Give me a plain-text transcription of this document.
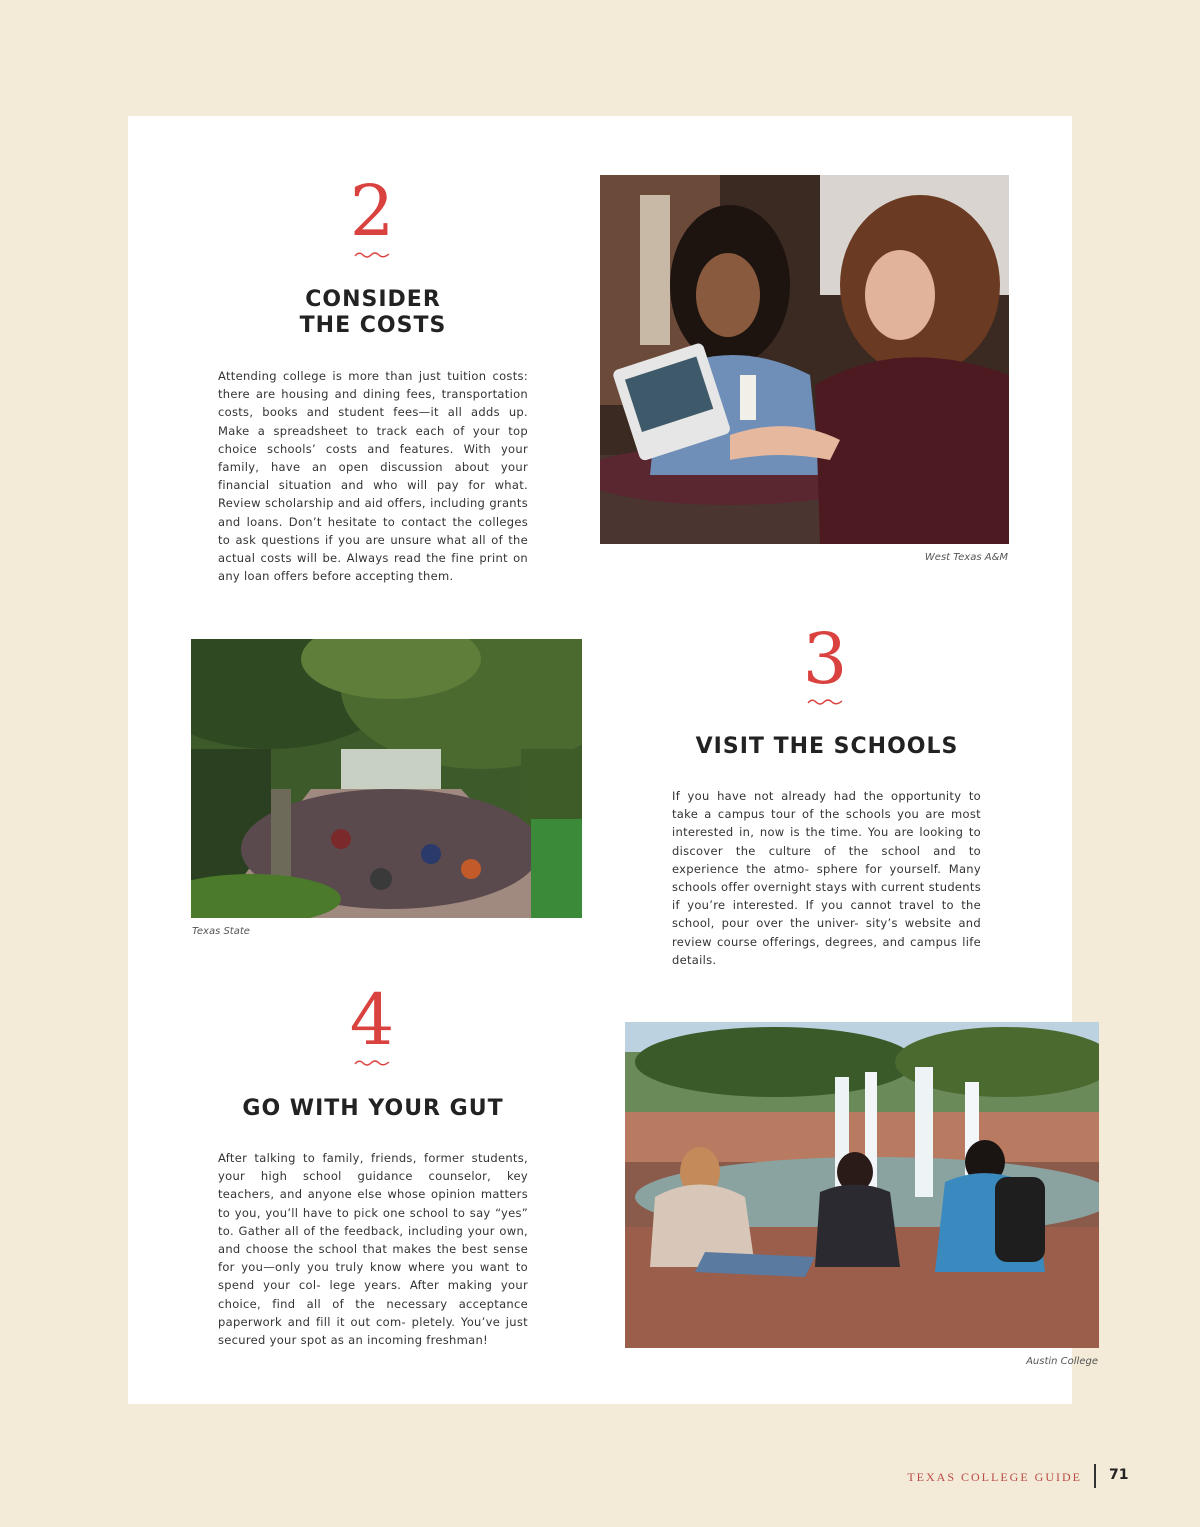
2
CONSIDER
THE COSTS
Attending college is more than just tuition costs: there are housing and dining fees, transportation costs, books and student fees—it all adds up. Make a spreadsheet to track each of your top choice schools’ costs and features. With your family, have an open discussion about your financial situation and who will pay for what. Review scholarship and aid offers, including grants and loans. Don’t hesitate to contact the colleges to ask questions if you are unsure what all of the actual costs will be. Always read the fine print on any loan offers before accepting them.
West Texas A&M
Texas State
3
VISIT THE SCHOOLS
If you have not already had the opportunity to take a campus tour of the schools you are most interested in, now is the time. You are looking to discover the culture of the school and to experience the atmo- sphere for yourself. Many schools offer overnight stays with current students if you’re interested. If you cannot travel to the school, pour over the univer- sity’s website and review course offerings, degrees, and campus life details.
4
GO WITH YOUR GUT
After talking to family, friends, former students, your high school guidance counselor, key teachers, and anyone else whose opinion matters to you, you’ll have to pick one school to say “yes” to. Gather all of the feedback, including your own, and choose the school that makes the best sense for you—only you truly know where you want to spend your col- lege years. After making your choice, find all of the necessary acceptance paperwork and fill it out com- pletely. You’ve just secured your spot as an incoming freshman!
Austin College
TEXAS COLLEGE GUIDE 71
